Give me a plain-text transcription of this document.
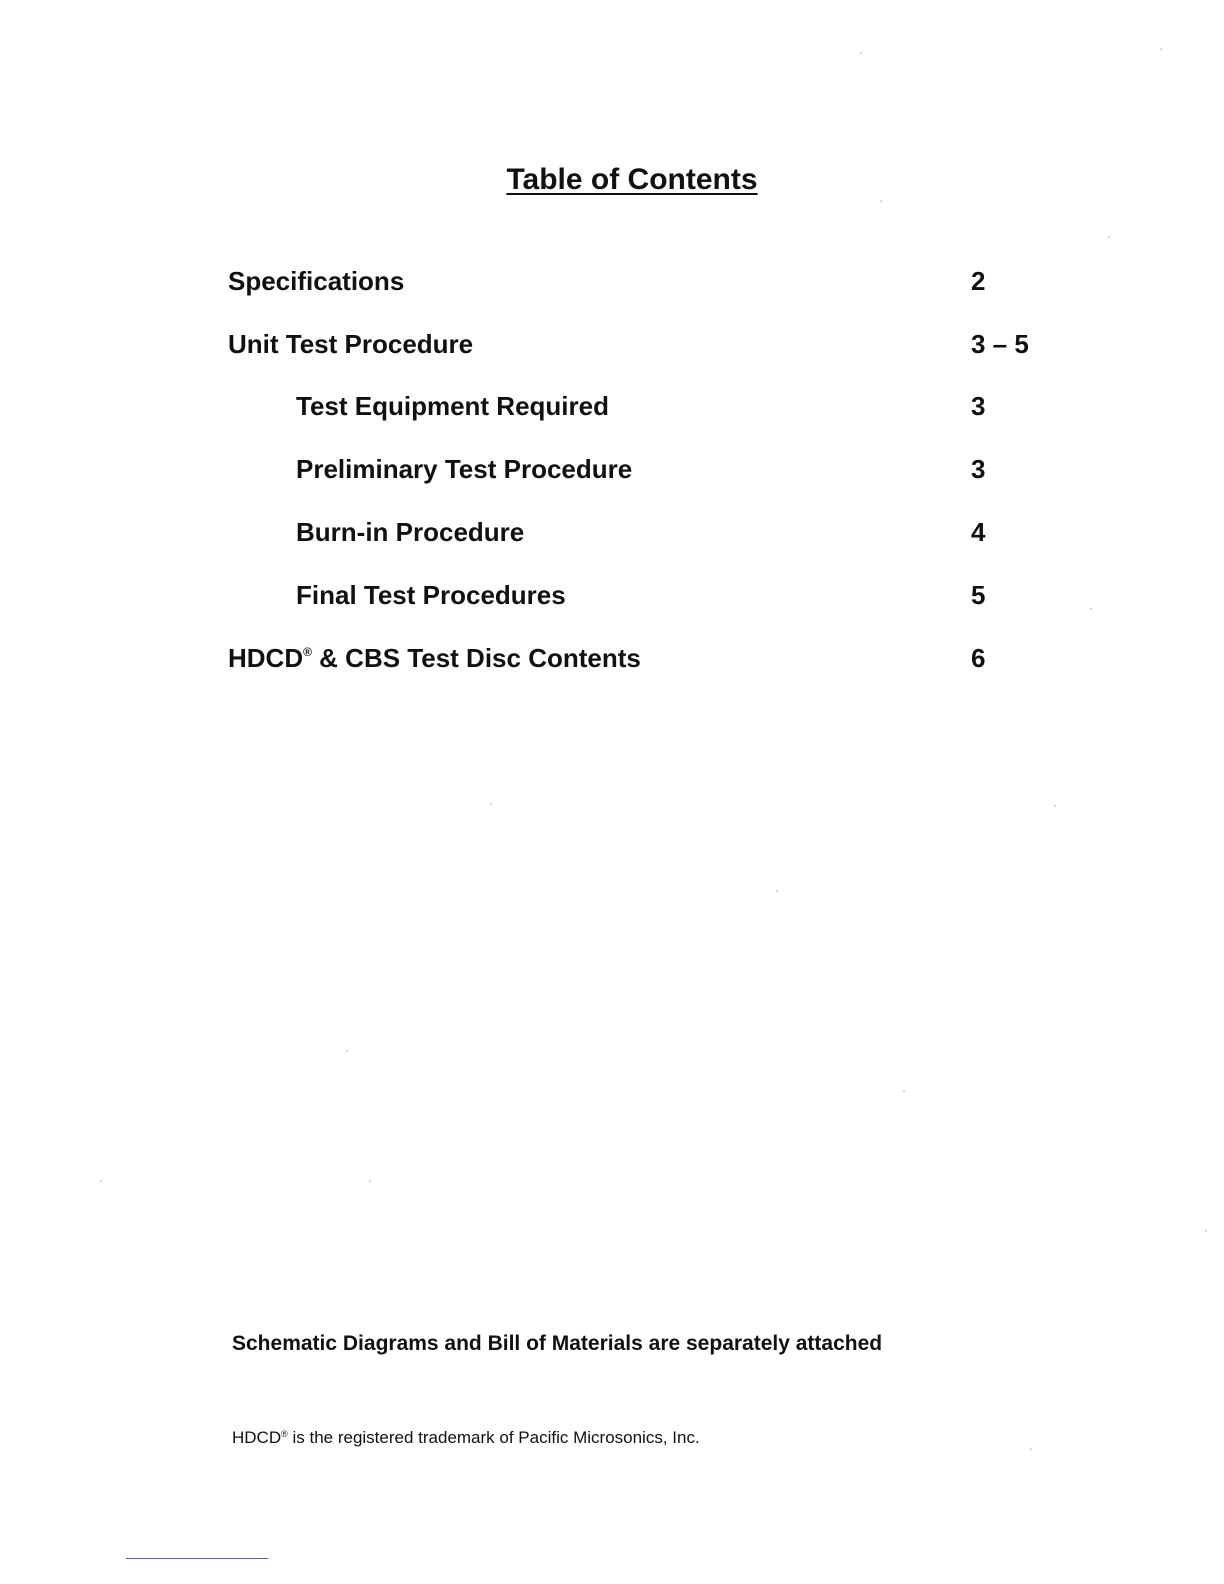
Table of Contents
Specifications	2
Unit Test Procedure	3 – 5
Test Equipment Required	3
Preliminary Test Procedure	3
Burn-in Procedure	4
Final Test Procedures	5
HDCD® & CBS Test Disc Contents	6
Schematic Diagrams and Bill of Materials are separately attached
HDCD® is the registered trademark of Pacific Microsonics, Inc.
